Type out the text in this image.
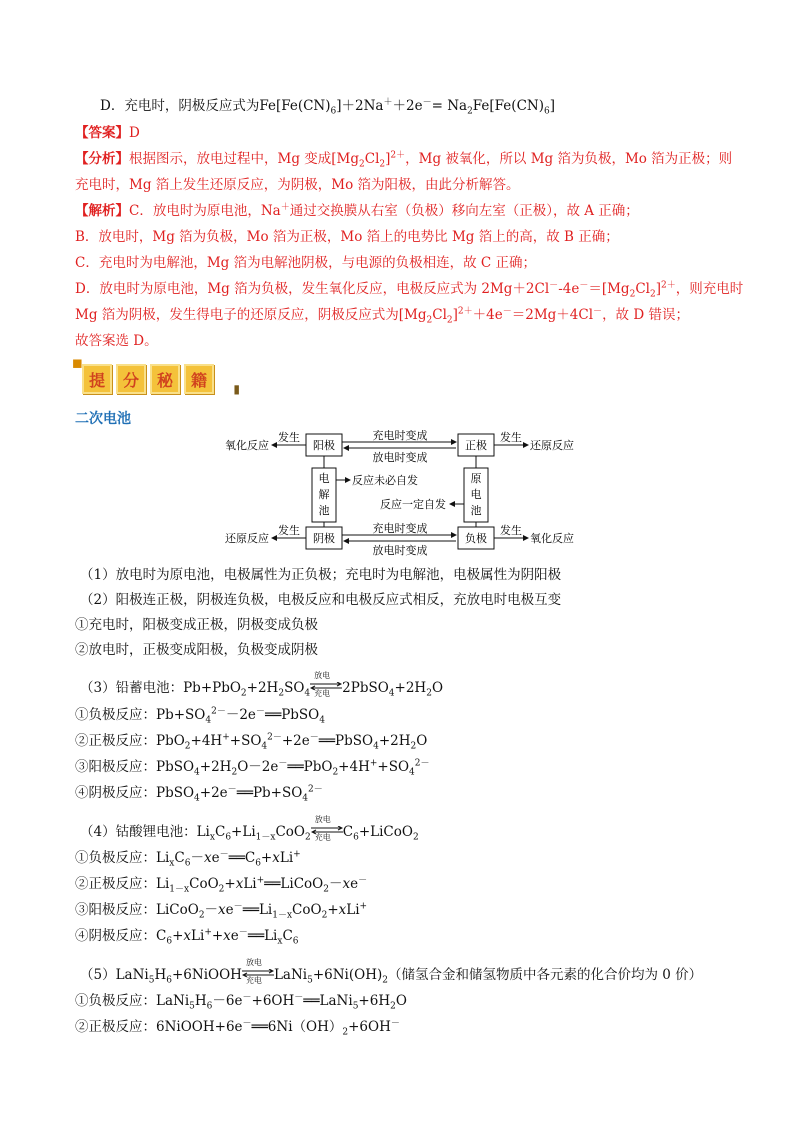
D．充电时，阴极反应式为$Fe[Fe(CN)_6]+2Na^++2e^-= Na_2Fe[Fe(CN)_6]$
【答案】D
【分析】根据图示，放电过程中，Mg 变成$[Mg_2Cl_2]^{2+}$，Mg 被氧化，所以 Mg 箔为负极，Mo 箔为正极；则
充电时，Mg 箔上发生还原反应，为阴极，Mo 箔为阳极，由此分析解答。
【解析】C．放电时为原电池，Na＋通过交换膜从右室（负极）移向左室（正极），故 A 正确；
B．放电时，Mg 箔为负极，Mo 箔为正极，Mo 箔上的电势比 Mg 箔上的高，故 B 正确；
C．充电时为电解池，Mg 箔为电解池阴极，与电源的负极相连，故 C 正确；
D．放电时为原电池，Mg 箔为负极，发生氧化反应，电极反应式为 $2Mg+2Cl^--4e^-=[Mg_2Cl_2]^{2+}$，则充电时
Mg 箔为阴极，发生得电子的还原反应，阴极反应式为$[Mg_2Cl_2]^{2+}+4e^-=2Mg+4Cl^-$，故 D 错误；
故答案选 D。
◼
提	分	秘	籍	▮
二次电池
阳极	正极
阴极	负极
电
解
池
原
电
池
充电时变成
放电时变成
充电时变成
放电时变成
发生
氧化反应
发生
还原反应
发生
还原反应
发生
氧化反应
反应未必自发
反应一定自发
（1）放电时为原电池，电极属性为正负极；充电时为电解池，电极属性为阴阳极
（2）阳极连正极，阴极连负极，电极反应和电极反应式相反，充放电时电极互变
①充电时，阳极变成正极，阴极变成负极
②放电时，正极变成阳极，负极变成阴极
（3）铅蓄电池：$Pb+PbO_2+2H_2SO_4$
放电
充电 $2PbSO_4+2H_2O$
①负极反应：$Pb+SO_4^{2-}-2e^-══PbSO_4$
②正极反应：$PbO_2+4H^++SO_4^{2-}+2e^-══PbSO_4+2H_2O$
③阳极反应：$PbSO_4+2H_2O-2e^-══PbO_2+4H^++SO_4^{2-}$
④阴极反应：$PbSO_4+2e^-══Pb+SO_4^{2-}$
（4）钴酸锂电池：$Li_xC_6+Li_{1-x}CoO_2$
放电
充电 $C_6+LiCoO_2$
①负极反应：$Li_xC_6-xe^-══C_6+xLi^+$
②正极反应：$Li_{1-x}CoO_2+xLi^+══LiCoO_2-xe^-$
③阳极反应：$LiCoO_2-xe^-══Li_{1-x}CoO_2+xLi^+$
④阴极反应：$C_6+xLi^++xe^-══Li_xC_6$
$(5)LaNi_5H_6+6NiOOH$
放电
充电 $LaNi_5+6Ni(OH)_2$（储氢合金和储氢物质中各元素的化合价均为 0 价）
①负极反应：$LaNi_5H_6-6e^-+6OH^-══LaNi_5+6H_2O$
②正极反应：$6NiOOH+6e^-══6Ni(OH)_2+6OH^-$
